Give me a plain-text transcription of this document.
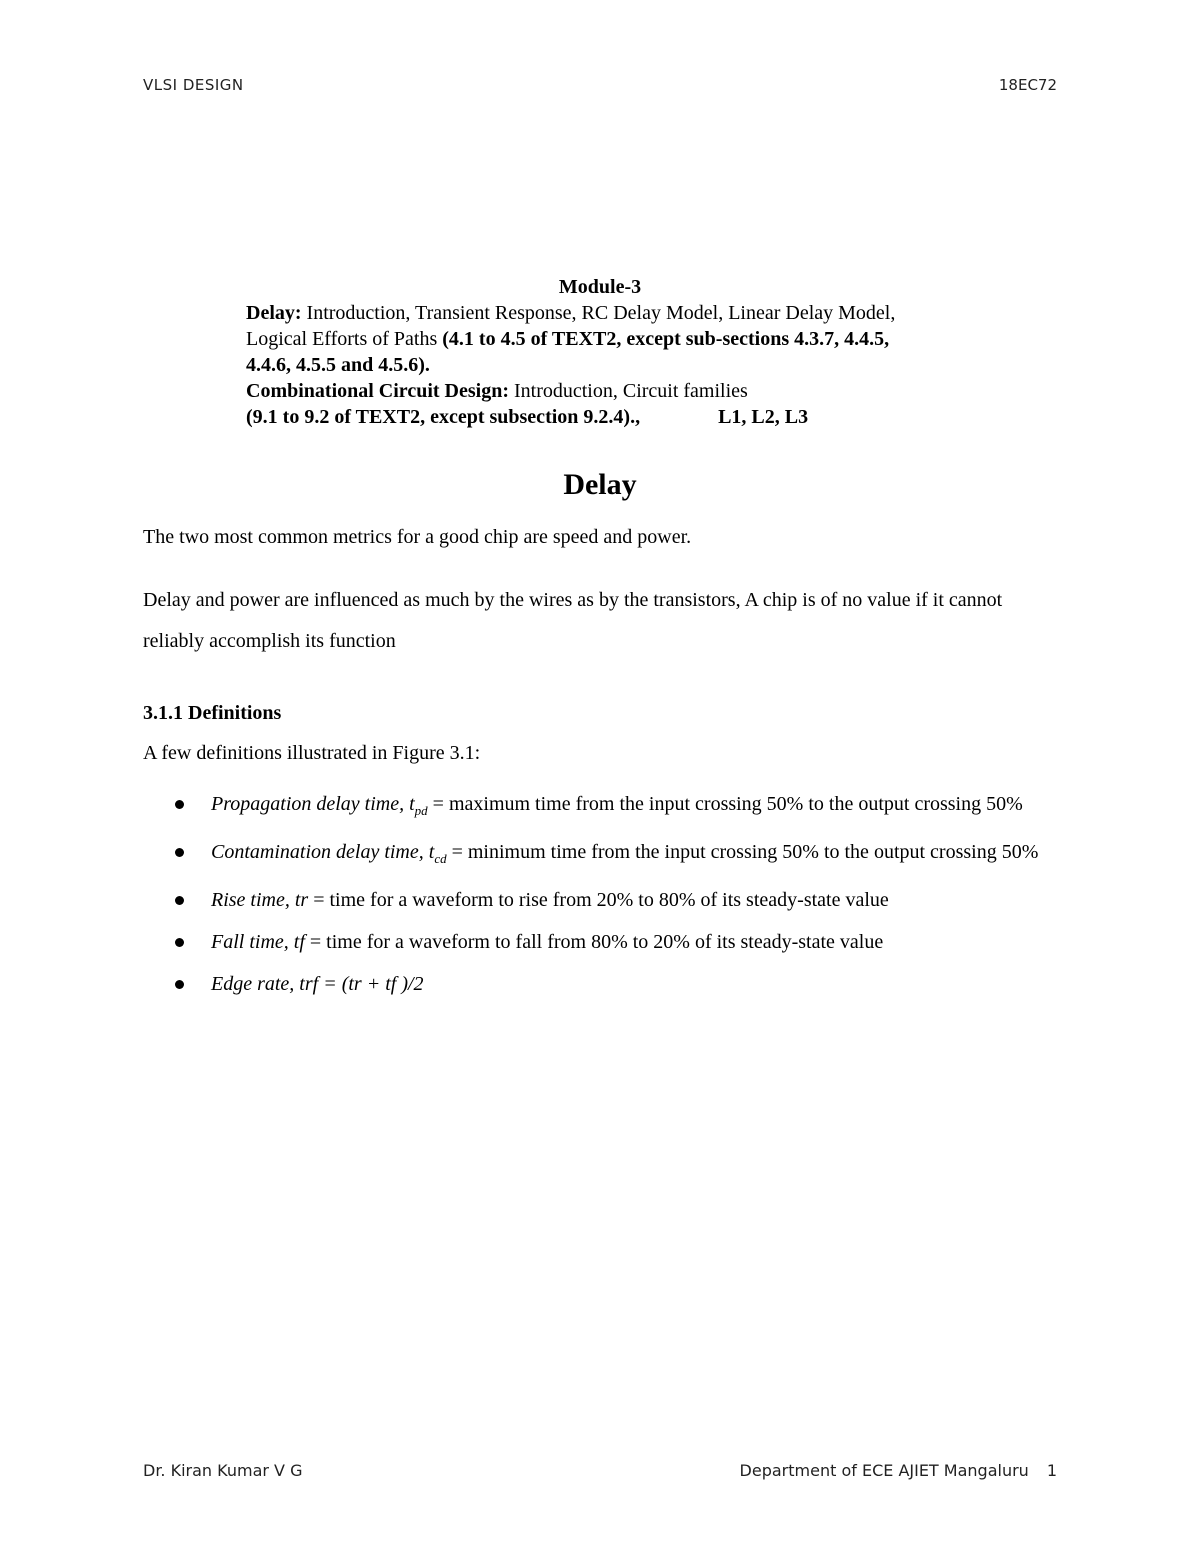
VLSI DESIGN	18EC72
Module-3
Delay: Introduction, Transient Response, RC Delay Model, Linear Delay Model,
Logical Efforts of Paths (4.1 to 4.5 of TEXT2, except sub-sections 4.3.7, 4.4.5,
4.4.6, 4.5.5 and 4.5.6).
Combinational Circuit Design: Introduction, Circuit families
(9.1 to 9.2 of TEXT2, except subsection 9.2.4).,	L1, L2, L3
Delay
The two most common metrics for a good chip are speed and power.
Delay and power are influenced as much by the wires as by the transistors, A chip is of no value if it cannot reliably accomplish its function
3.1.1 Definitions
A few definitions illustrated in Figure 3.1:
Propagation delay time, $t_{pd}$ = maximum time from the input crossing 50% to the output crossing 50%
Contamination delay time, $t_{cd}$ = minimum time from the input crossing 50% to the output crossing 50%
Rise time, tr = time for a waveform to rise from 20% to 80% of its steady-state value
Fall time, tf = time for a waveform to fall from 80% to 20% of its steady-state value
Edge rate, trf = (tr + tf )/2
Dr. Kiran Kumar V G	Department of ECE AJIET Mangaluru 1
